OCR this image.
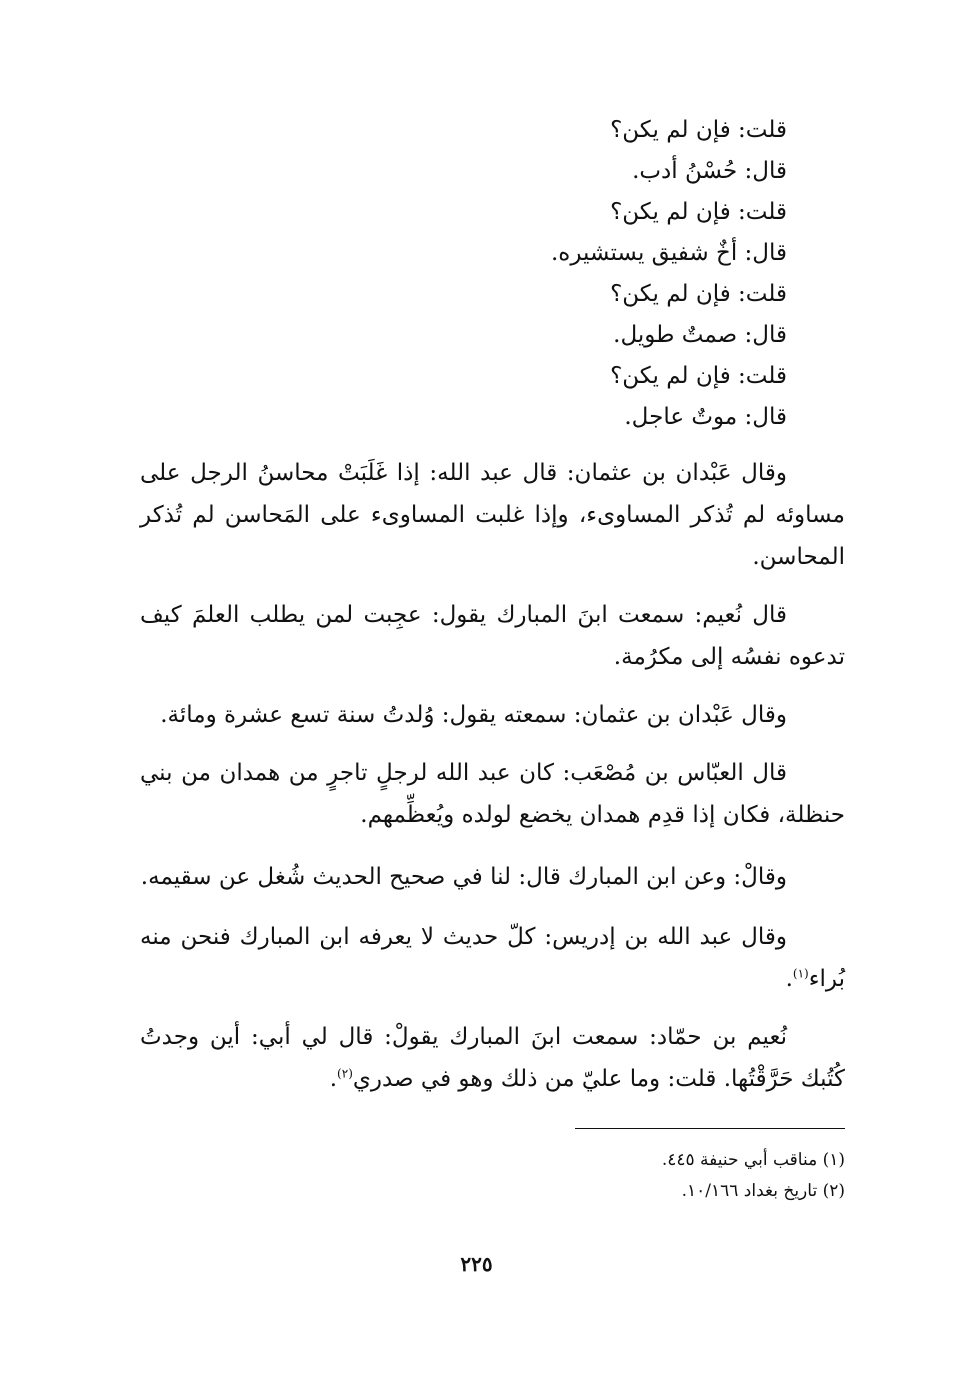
قلت: فإن لم يكن؟
قال: حُسْنُ أدب.
قلت: فإن لم يكن؟
قال: أخٌ شفيق يستشيره.
قلت: فإن لم يكن؟
قال: صمتٌ طويل.
قلت: فإن لم يكن؟
قال: موتٌ عاجل.

وقال عَبْدان بن عثمان: قال عبد الله: إذا غَلَبَتْ محاسنُ الرجل على مساوئه لم تُذكر المساوىء، وإذا غلبت المساوىء على المَحاسن لم تُذكر المحاسن.

قال نُعيم: سمعت ابنَ المبارك يقول: عجِبت لمن يطلب العلمَ كيف تدعوه نفسُه إلى مكرُمة.

وقال عَبْدان بن عثمان: سمعته يقول: وُلدتُ سنة تسع عشرة ومائة.

قال العبّاس بن مُصْعَب: كان عبد الله لرجلٍ تاجرٍ من همدان من بني حنظلة، فكان إذا قدِم همدان يخضع لولده ويُعظِّمهم.

وقالْ: وعن ابن المبارك قال: لنا في صحيح الحديث شُغل عن سقيمه.

وقال عبد الله بن إدريس: كلّ حديث لا يعرفه ابن المبارك فنحن منه بُراء$^{(١)}$.

نُعيم بن حمّاد: سمعت ابنَ المبارك يقولْ: قال لي أبي: أين وجدتُ كُتُبك حَرَّقْتُها. قلت: وما عليّ من ذلك وهو في صدري$^{(٢)}$.

(١) مناقب أبي حنيفة ٤٤٥.
(٢) تاريخ بغداد ١٠/١٦٦.
٢٢٥
